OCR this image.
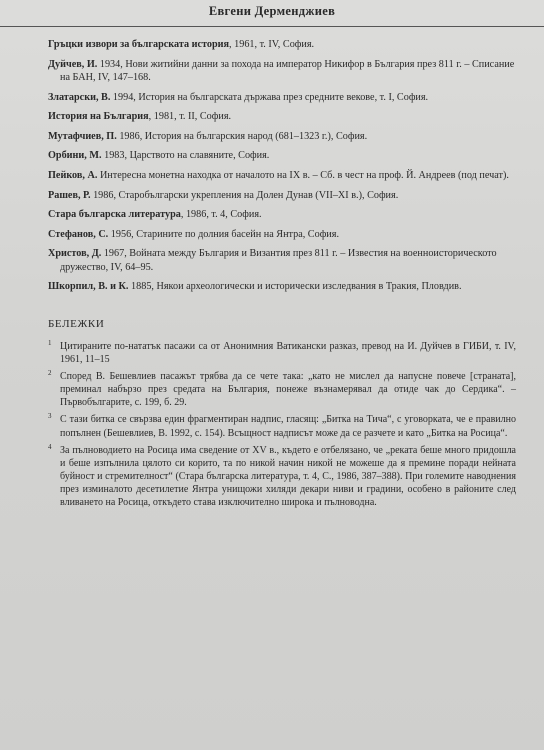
Евгени Дерменджиев

Гръцки извори за българската история, 1961, т. IV, София.

Дуйчев, И. 1934, Нови житийни данни за похода на император Никифор в България през 811 г. – Списание на БАН, IV, 147–168.

Златарски, В. 1994, История на българската държава през средните векове, т. I, София.

История на България, 1981, т. II, София.

Мутафчиев, П. 1986, История на българския народ (681–1323 г.), София.

Орбини, М. 1983, Царството на славяните, София.

Пейков, А. Интересна монетна находка от началото на IX в. – Сб. в чест на проф. Й. Андреев (под печат).

Рашев, Р. 1986, Старобългарски укрепления на Долен Дунав (VII–XI в.), София.

Стара българска литература, 1986, т. 4, София.

Стефанов, С. 1956, Старините по долния басейн на Янтра, София.

Христов, Д. 1967, Войната между България и Византия през 811 г. – Известия на военноисторическото дружество, IV, 64–95.

Шкорпил, В. и К. 1885, Някои археологически и исторически изследвания в Тракия, Пловдив.

БЕЛЕЖКИ

1 Цитираните по-нататък пасажи са от Анонимния Ватикански разказ, превод на И. Дуйчев в ГИБИ, т. IV, 1961, 11–15

2 Според В. Бешевлиев пасажът трябва да се чете така: „като не мислел да напусне повече [страната], преминал набързо през средата на България, понеже възнамерявал да отиде чак до Сердика“. – Първобългарите, с. 199, б. 29.

3 С тази битка се свързва един фрагментиран надпис, гласящ: „Битка на Тича“, с уговорката, че е правилно попълнен (Бешевлиев, В. 1992, с. 154). Всъщност надписът може да се разчете и като „Битка на Росица“.

4 За пълноводието на Росица има сведение от XV в., където е отбелязано, че „реката беше много придошла и беше изпълнила цялото си корито, та по никой начин никой не можеше да я премине поради нейната буйност и стремителност“ (Стара българска литература, т. 4, С., 1986, 387–388). При големите наводнения през изминалото десетилетие Янтра унищожи хиляди декари ниви и градини, особено в районите след вливането на Росица, откъдето става изключително широка и пълноводна.
